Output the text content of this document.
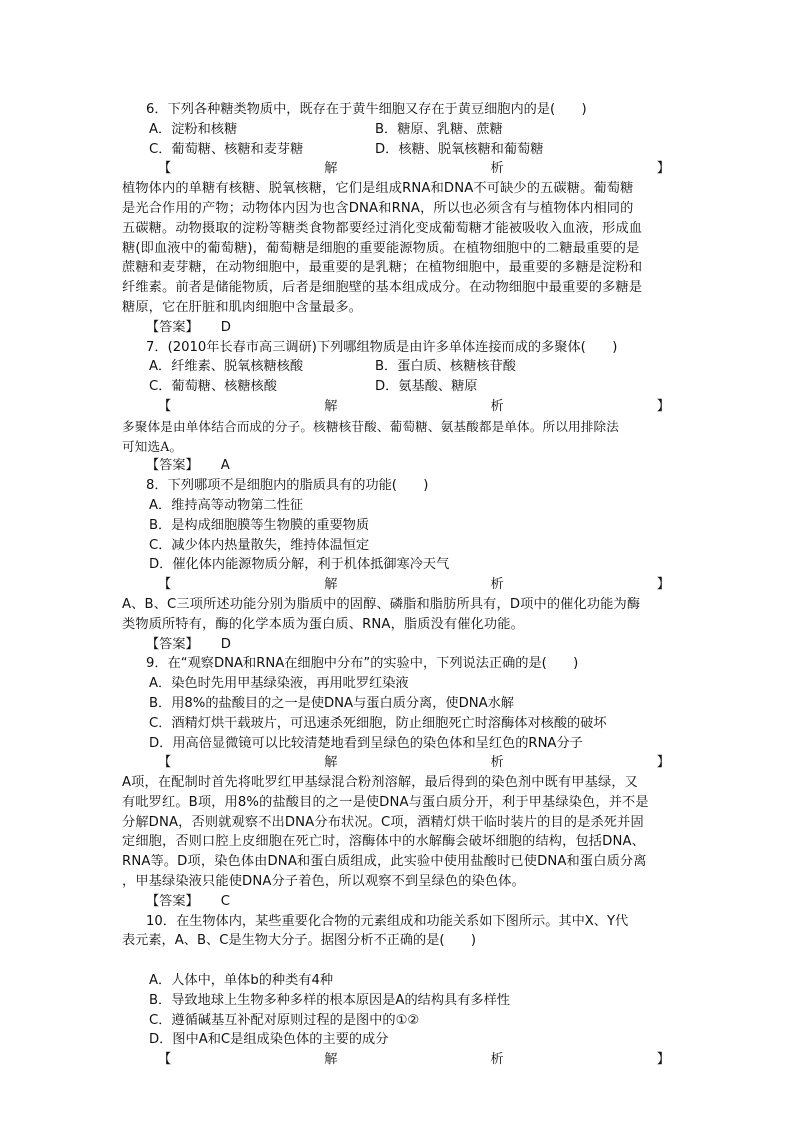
6．下列各种糖类物质中，既存在于黄牛细胞又存在于黄豆细胞内的是(　　)
A．淀粉和核糖	B．糖原、乳糖、蔗糖
C．葡萄糖、核糖和麦芽糖	D．核糖、脱氧核糖和葡萄糖
【	解	析	】
植物体内的单糖有核糖、脱氧核糖，它们是组成RNA和DNA不可缺少的五碳糖。葡萄糖
是光合作用的产物；动物体内因为也含DNA和RNA，所以也必须含有与植物体内相同的
五碳糖。动物摄取的淀粉等糖类食物都要经过消化变成葡萄糖才能被吸收入血液，形成血
糖(即血液中的葡萄糖)，葡萄糖是细胞的重要能源物质。在植物细胞中的二糖最重要的是
蔗糖和麦芽糖，在动物细胞中，最重要的是乳糖；在植物细胞中，最重要的多糖是淀粉和
纤维素。前者是储能物质，后者是细胞壁的基本组成成分。在动物细胞中最重要的多糖是
糖原，它在肝脏和肌肉细胞中含量最多。
【答案】 D
7．(2010年长春市高三调研)下列哪组物质是由许多单体连接而成的多聚体(　　)
A．纤维素、脱氧核糖核酸	B．蛋白质、核糖核苷酸
C．葡萄糖、核糖核酸	D．氨基酸、糖原
【	解	析	】
多聚体是由单体结合而成的分子。核糖核苷酸、葡萄糖、氨基酸都是单体。所以用排除法
可知选A。
【答案】 A
8．下列哪项不是细胞内的脂质具有的功能(　　)
A．维持高等动物第二性征
B．是构成细胞膜等生物膜的重要物质
C．减少体内热量散失，维持体温恒定
D．催化体内能源物质分解，利于机体抵御寒冷天气
【	解	析	】
A、B、C三项所述功能分别为脂质中的固醇、磷脂和脂肪所具有，D项中的催化功能为酶
类物质所特有，酶的化学本质为蛋白质、RNA，脂质没有催化功能。
【答案】 D
9．在“观察DNA和RNA在细胞中分布”的实验中，下列说法正确的是(　　)
A．染色时先用甲基绿染液，再用吡罗红染液
B．用8%的盐酸目的之一是使DNA与蛋白质分离，使DNA水解
C．酒精灯烘干载玻片，可迅速杀死细胞，防止细胞死亡时溶酶体对核酸的破坏
D．用高倍显微镜可以比较清楚地看到呈绿色的染色体和呈红色的RNA分子
【	解	析	】
A项，在配制时首先将吡罗红甲基绿混合粉剂溶解，最后得到的染色剂中既有甲基绿，又
有吡罗红。B项，用8%的盐酸目的之一是使DNA与蛋白质分开，利于甲基绿染色，并不是
分解DNA，否则就观察不出DNA分布状况。C项，酒精灯烘干临时装片的目的是杀死并固
定细胞，否则口腔上皮细胞在死亡时，溶酶体中的水解酶会破坏细胞的结构，包括DNA、
RNA等。D项，染色体由DNA和蛋白质组成，此实验中使用盐酸时已使DNA和蛋白质分离
，甲基绿染液只能使DNA分子着色，所以观察不到呈绿色的染色体。
【答案】 C
10．在生物体内，某些重要化合物的元素组成和功能关系如下图所示。其中X、Y代
表元素，A、B、C是生物大分子。据图分析不正确的是(　　)
A．人体中，单体b的种类有4种
B．导致地球上生物多种多样的根本原因是A的结构具有多样性
C．遵循碱基互补配对原则过程的是图中的①②
D．图中A和C是组成染色体的主要的成分
【	解	析	】
